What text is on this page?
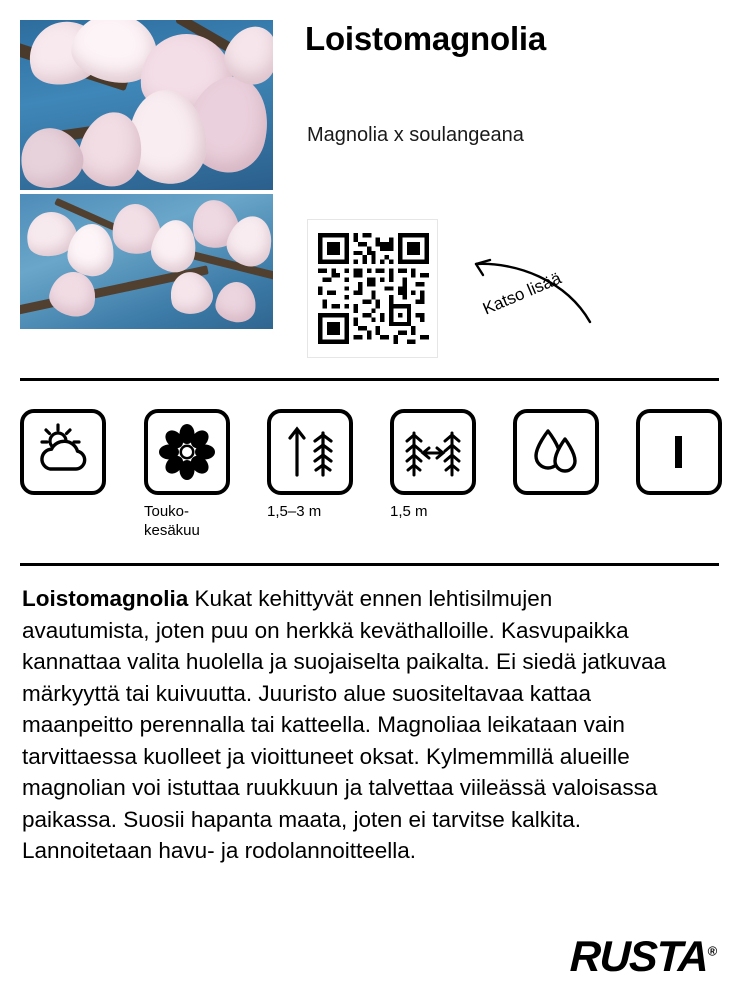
Loistomagnolia
Magnolia x soulangeana
Katso lisää
Touko-
kesäkuu
1,5–3 m	1,5 m
Loistomagnolia Kukat kehittyvät ennen lehtisilmujen avautumista, joten puu on herkkä keväthalloille. Kasvupaikka kannattaa valita huolella ja suojaiselta paikalta. Ei siedä jatkuvaa märkyyttä tai kuivuutta. Juuristo alue suositeltavaa kattaa maanpeitto perennalla tai katteella. Magnoliaa leikataan vain tarvittaessa kuolleet ja vioittuneet oksat. Kylmemmillä alueille magnolian voi istuttaa ruukkuun ja talvettaa viileässä valoisassa paikassa. Suosii hapanta maata, joten ei tarvitse kalkita. Lannoitetaan havu- ja rodolannoitteella.
RUSTA®
